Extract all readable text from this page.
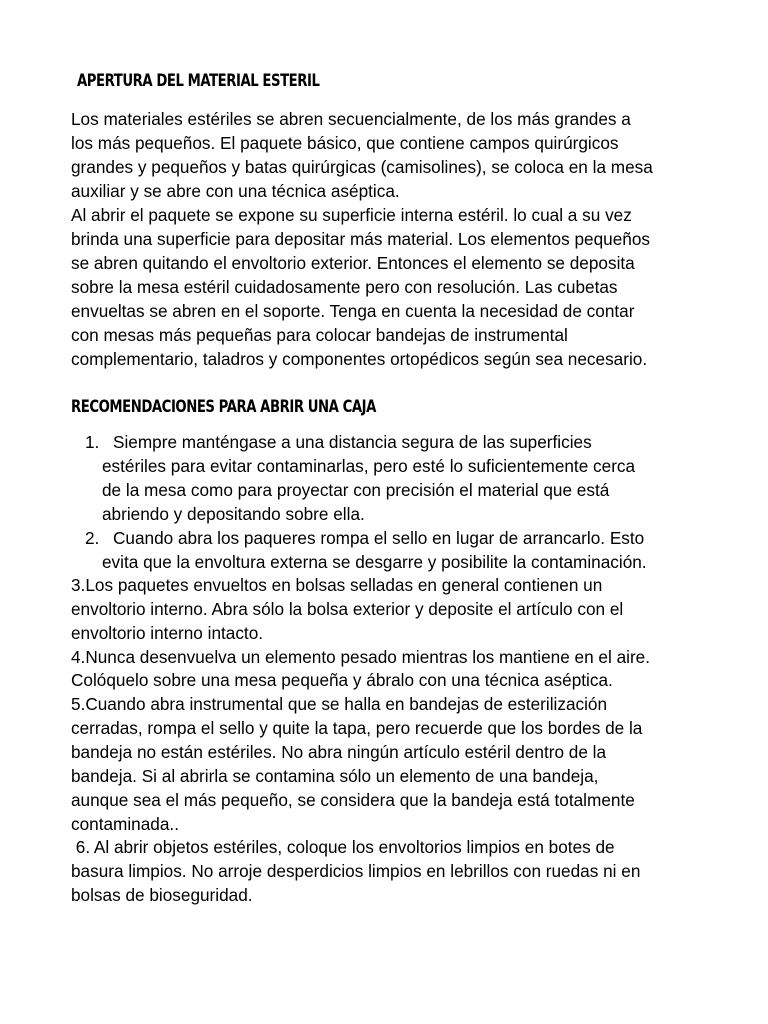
APERTURA DEL MATERIAL ESTERIL
Los materiales estériles se abren secuencialmente, de los más grandes a
los más pequeños. El paquete básico, que contiene campos quirúrgicos
grandes y pequeños y batas quirúrgicas (camisolines), se coloca en la mesa
auxiliar y se abre con una técnica aséptica.
Al abrir el paquete se expone su superficie interna estéril. lo cual a su vez
brinda una superficie para depositar más material. Los elementos pequeños
se abren quitando el envoltorio exterior. Entonces el elemento se deposita
sobre la mesa estéril cuidadosamente pero con resolución. Las cubetas
envueltas se abren en el soporte. Tenga en cuenta la necesidad de contar
con mesas más pequeñas para colocar bandejas de instrumental
complementario, taladros y componentes ortopédicos según sea necesario.
RECOMENDACIONES PARA ABRIR UNA CAJA
1. Siempre manténgase a una distancia segura de las superficies
estériles para evitar contaminarlas, pero esté lo suficientemente cerca
de la mesa como para proyectar con precisión el material que está
abriendo y depositando sobre ella.
2. Cuando abra los paqueres rompa el sello en lugar de arrancarlo. Esto
evita que la envoltura externa se desgarre y posibilite la contaminación.
3.Los paquetes envueltos en bolsas selladas en general contienen un
envoltorio interno. Abra sólo la bolsa exterior y deposite el artículo con el
envoltorio interno intacto.
4.Nunca desenvuelva un elemento pesado mientras los mantiene en el aire.
Colóquelo sobre una mesa pequeña y ábralo con una técnica aséptica.
5.Cuando abra instrumental que se halla en bandejas de esterilización
cerradas, rompa el sello y quite la tapa, pero recuerde que los bordes de la
bandeja no están estériles. No abra ningún artículo estéril dentro de la
bandeja. Si al abrirla se contamina sólo un elemento de una bandeja,
aunque sea el más pequeño, se considera que la bandeja está totalmente
contaminada..
6. Al abrir objetos estériles, coloque los envoltorios limpios en botes de
basura limpios. No arroje desperdicios limpios en lebrillos con ruedas ni en
bolsas de bioseguridad.
